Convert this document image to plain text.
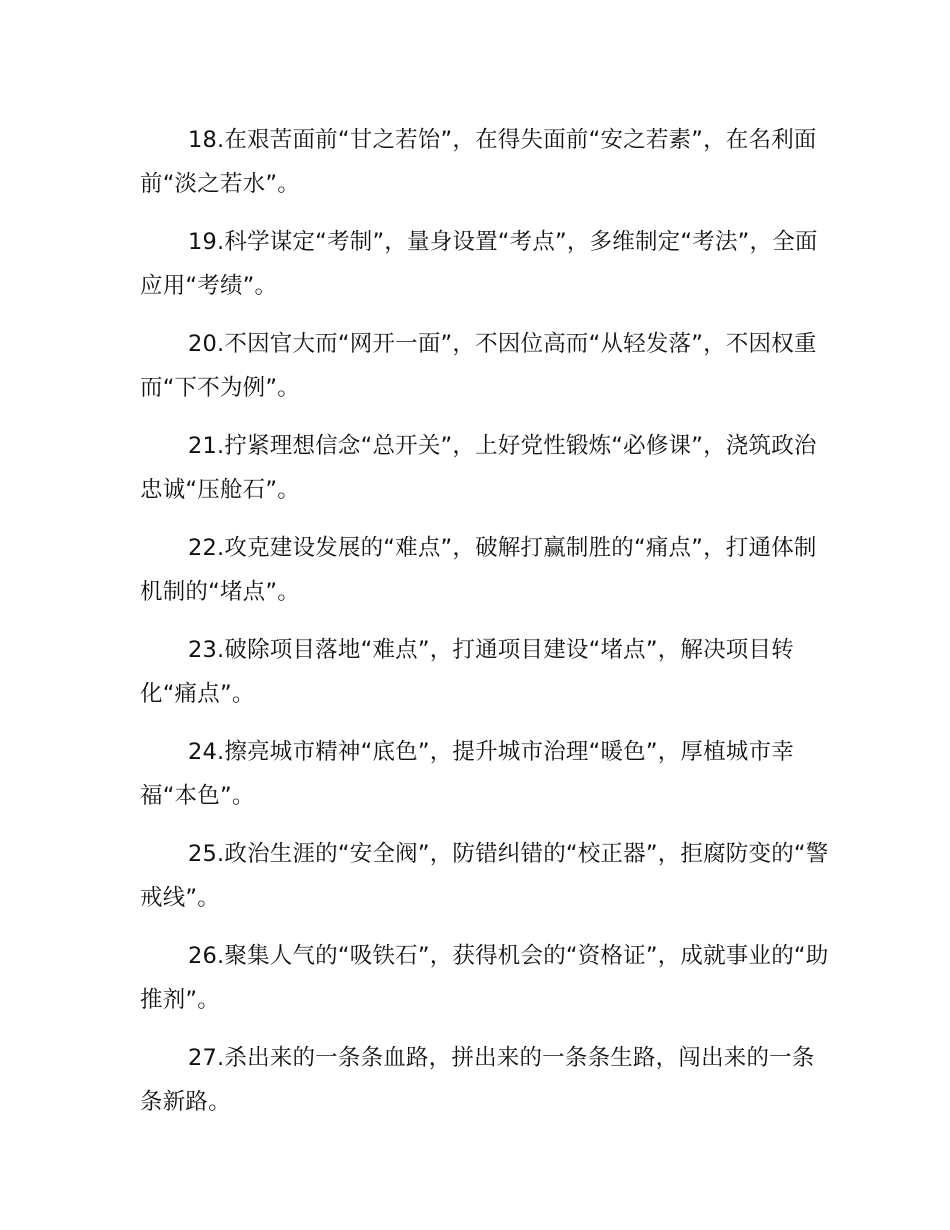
18.在艰苦面前“甘之若饴”，在得失面前“安之若素”，在名利面前“淡之若水”。

19.科学谋定“考制”，量身设置“考点”，多维制定“考法”，全面应用“考绩”。

20.不因官大而“网开一面”，不因位高而“从轻发落”，不因权重而“下不为例”。

21.拧紧理想信念“总开关”，上好党性锻炼“必修课”，浇筑政治忠诚“压舱石”。

22.攻克建设发展的“难点”，破解打赢制胜的“痛点”，打通体制机制的“堵点”。

23.破除项目落地“难点”，打通项目建设“堵点”，解决项目转化“痛点”。

24.擦亮城市精神“底色”，提升城市治理“暖色”，厚植城市幸福“本色”。

25.政治生涯的“安全阀”，防错纠错的“校正器”，拒腐防变的“警戒线”。

26.聚集人气的“吸铁石”，获得机会的“资格证”，成就事业的“助推剂”。

27.杀出来的一条条血路，拼出来的一条条生路，闯出来的一条条新路。
